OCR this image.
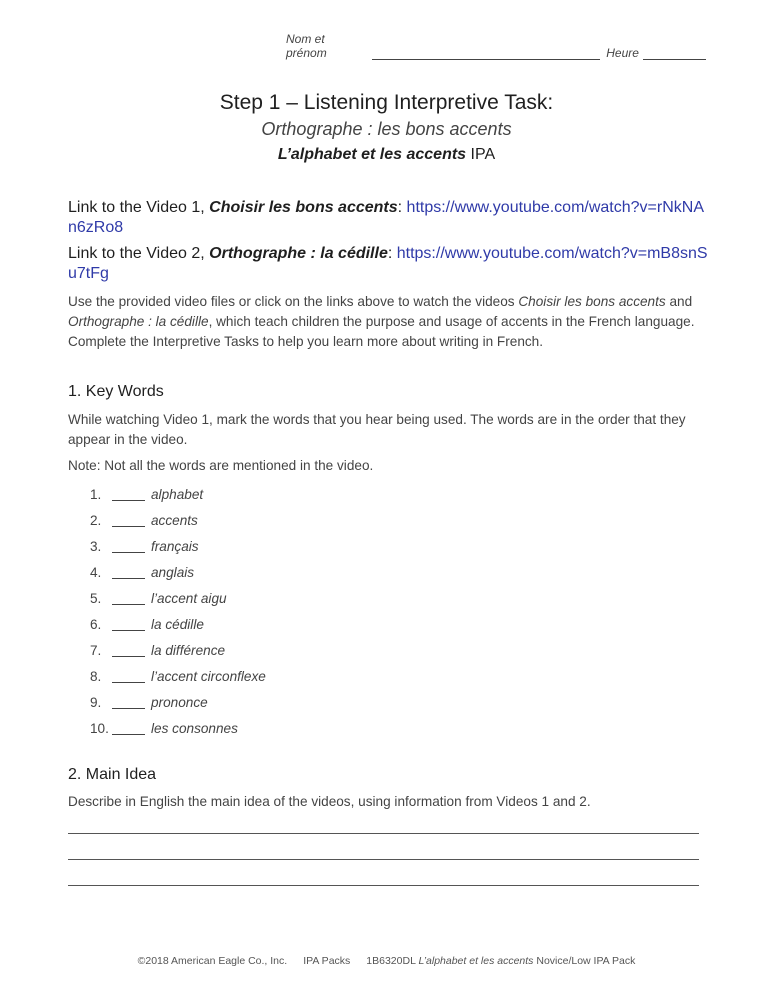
Nom et prénom	Heure
Step 1 – Listening Interpretive Task:
Orthographe : les bons accents
L’alphabet et les accents IPA
Link to the Video 1, Choisir les bons accents: https://www.youtube.com/watch?v=rNkNAn6zRo8
Link to the Video 2, Orthographe : la cédille: https://www.youtube.com/watch?v=mB8snSu7tFg
Use the provided video files or click on the links above to watch the videos Choisir les bons accents and Orthographe : la cédille, which teach children the purpose and usage of accents in the French language. Complete the Interpretive Tasks to help you learn more about writing in French.
1. Key Words
While watching Video 1, mark the words that you hear being used. The words are in the order that they appear in the video.
Note: Not all the words are mentioned in the video.
1.	alphabet
2.	accents
3.	français
4.	anglais
5.	l’accent aigu
6.	la cédille
7.	la différence
8.	l’accent circonflexe
9.	prononce
10.	les consonnes
2. Main Idea
Describe in English the main idea of the videos, using information from Videos 1 and 2.
©2018 American Eagle Co., Inc. IPA Packs 1B6320DL L’alphabet et les accents Novice/Low IPA Pack
